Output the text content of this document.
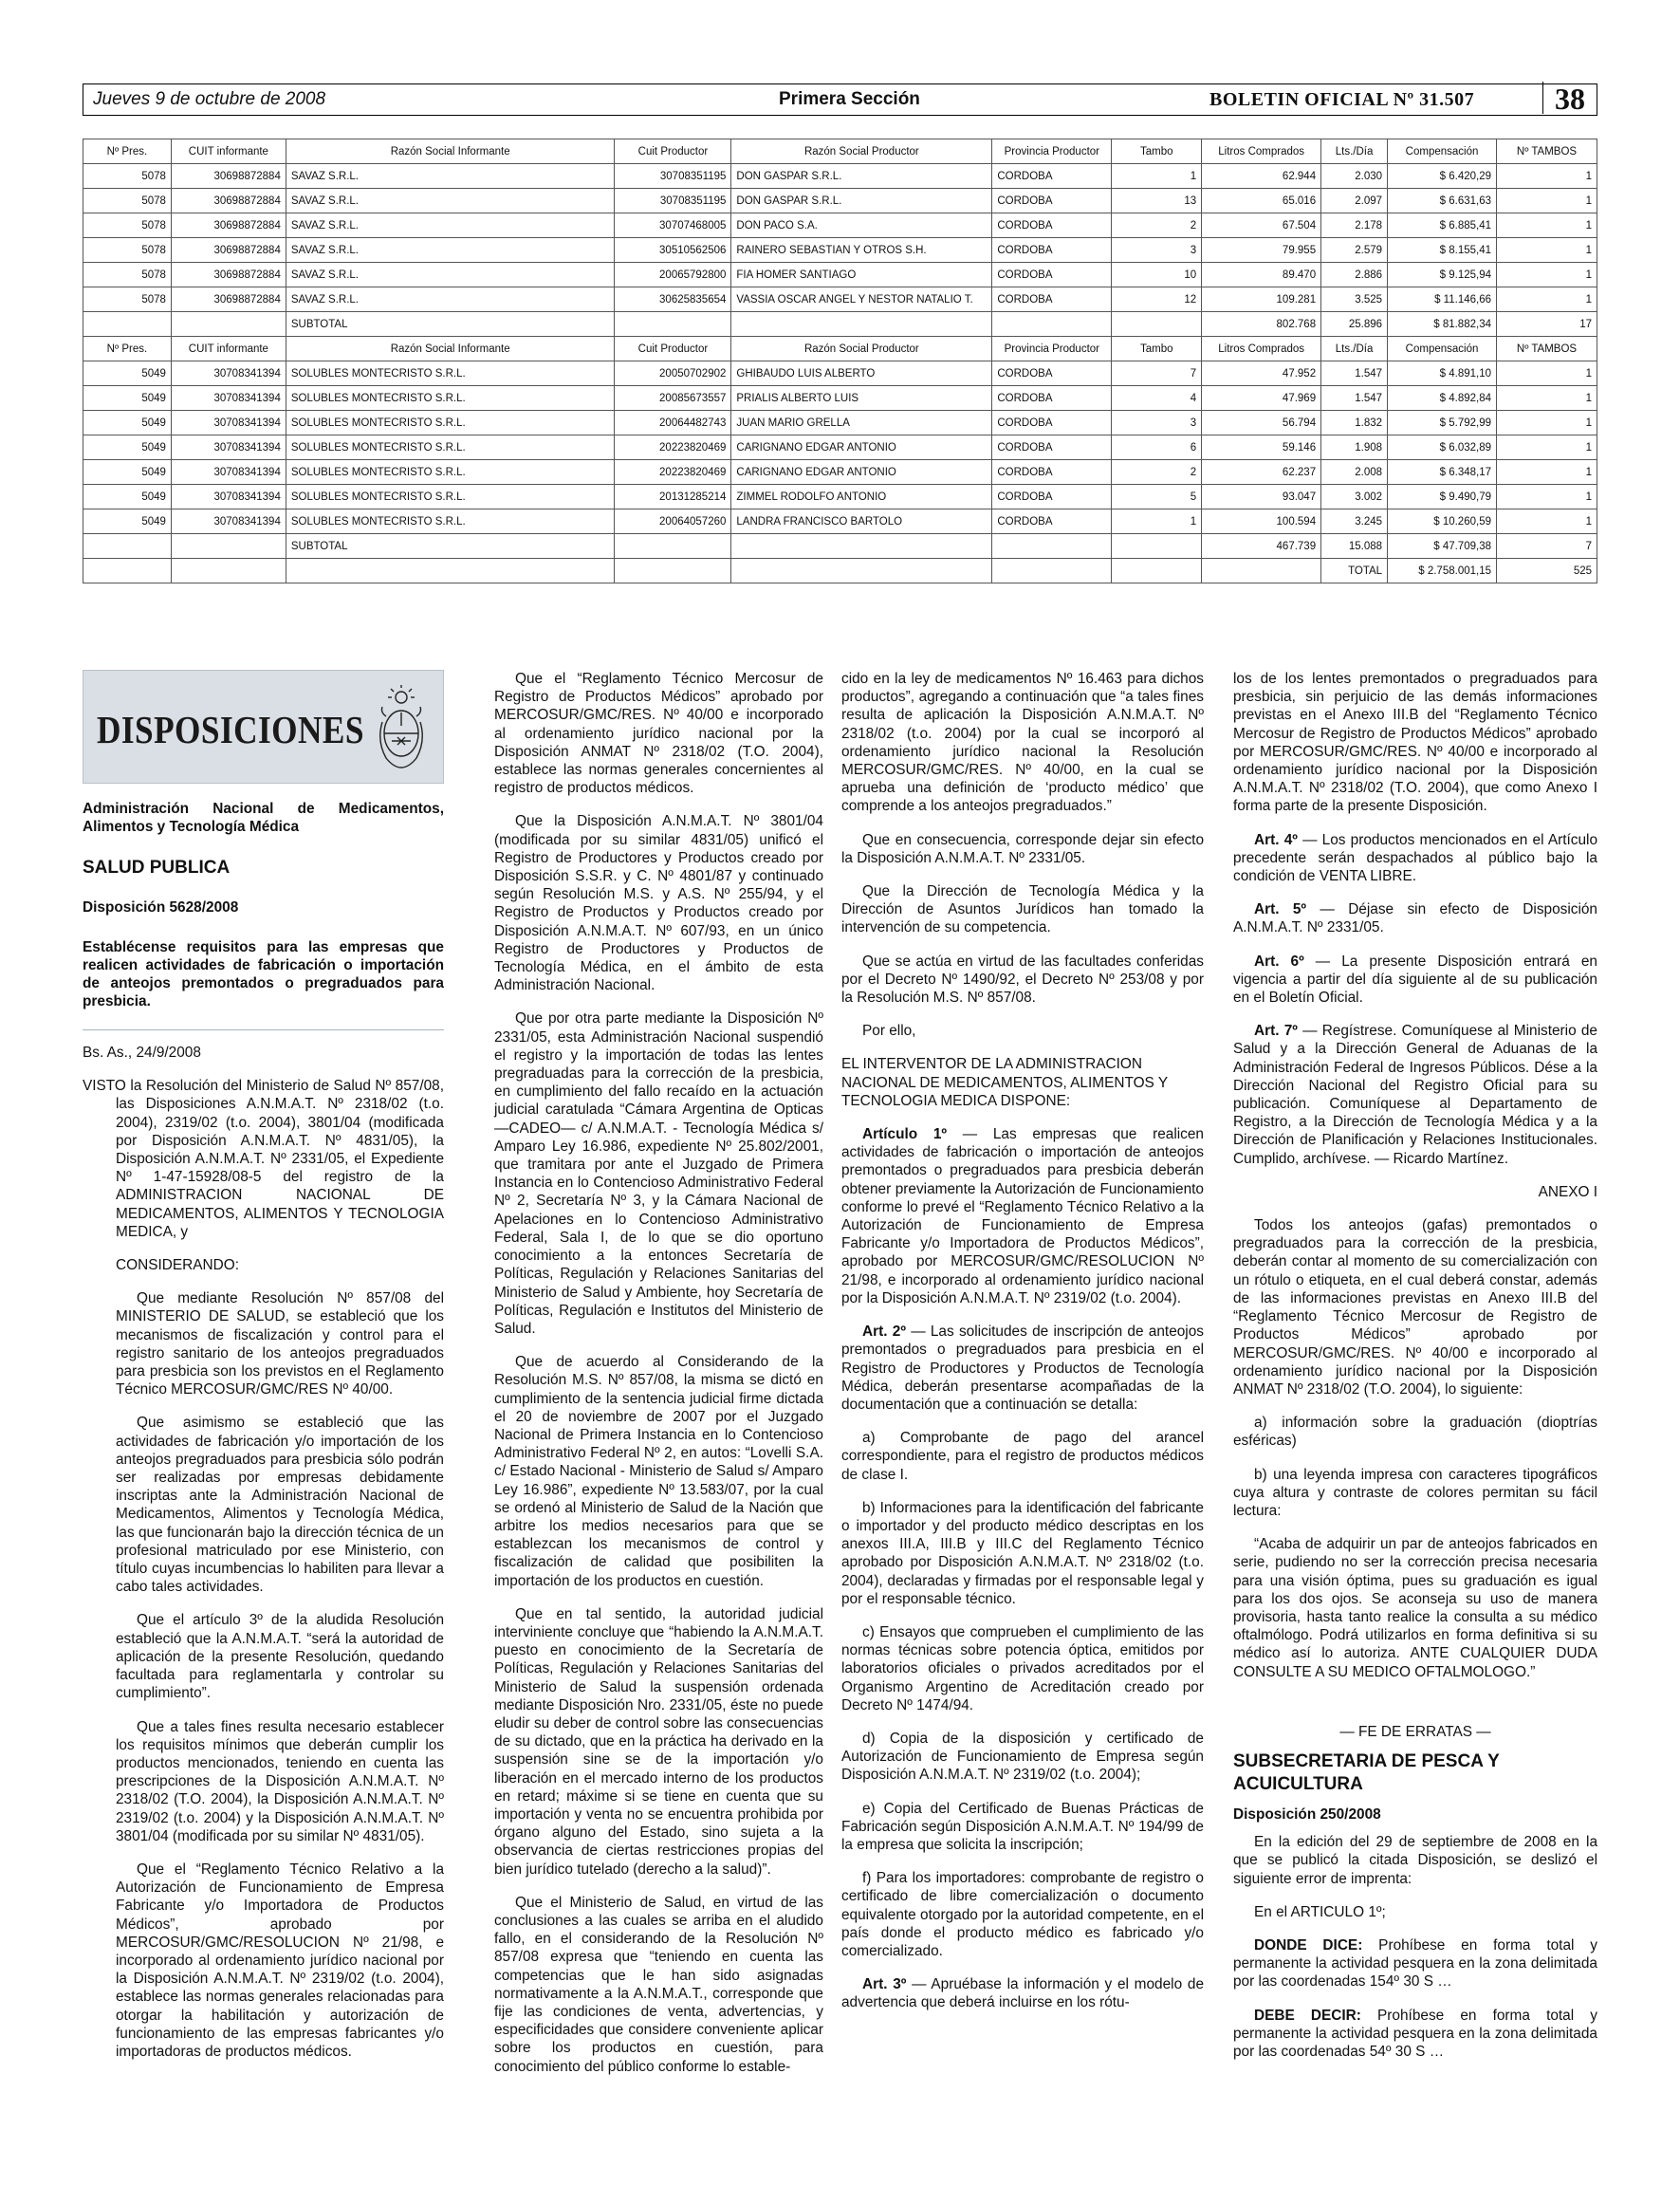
Jueves 9 de octubre de 2008	Primera Sección	BOLETIN OFICIAL Nº 31.507	38
Nº Pres.	CUIT informante	Razón Social Informante	Cuit Productor	Razón Social Productor	Provincia Productor	Tambo	Litros Comprados	Lts./Día	Compensación	Nº TAMBOS
5078	30698872884	SAVAZ S.R.L.	30708351195	DON GASPAR S.R.L.	CORDOBA	1	62.944	2.030	$ 6.420,29	1
5078	30698872884	SAVAZ S.R.L.	30708351195	DON GASPAR S.R.L.	CORDOBA	13	65.016	2.097	$ 6.631,63	1
5078	30698872884	SAVAZ S.R.L.	30707468005	DON PACO S.A.	CORDOBA	2	67.504	2.178	$ 6.885,41	1
5078	30698872884	SAVAZ S.R.L.	30510562506	RAINERO SEBASTIAN Y OTROS S.H.	CORDOBA	3	79.955	2.579	$ 8.155,41	1
5078	30698872884	SAVAZ S.R.L.	20065792800	FIA HOMER SANTIAGO	CORDOBA	10	89.470	2.886	$ 9.125,94	1
5078	30698872884	SAVAZ S.R.L.	30625835654	VASSIA OSCAR ANGEL Y NESTOR NATALIO T.	CORDOBA	12	109.281	3.525	$ 11.146,66	1
		SUBTOTAL					802.768	25.896	$ 81.882,34	17
Nº Pres.	CUIT informante	Razón Social Informante	Cuit Productor	Razón Social Productor	Provincia Productor	Tambo	Litros Comprados	Lts./Día	Compensación	Nº TAMBOS
5049	30708341394	SOLUBLES MONTECRISTO S.R.L.	20050702902	GHIBAUDO LUIS ALBERTO	CORDOBA	7	47.952	1.547	$ 4.891,10	1
5049	30708341394	SOLUBLES MONTECRISTO S.R.L.	20085673557	PRIALIS ALBERTO LUIS	CORDOBA	4	47.969	1.547	$ 4.892,84	1
5049	30708341394	SOLUBLES MONTECRISTO S.R.L.	20064482743	JUAN MARIO GRELLA	CORDOBA	3	56.794	1.832	$ 5.792,99	1
5049	30708341394	SOLUBLES MONTECRISTO S.R.L.	20223820469	CARIGNANO EDGAR ANTONIO	CORDOBA	6	59.146	1.908	$ 6.032,89	1
5049	30708341394	SOLUBLES MONTECRISTO S.R.L.	20223820469	CARIGNANO EDGAR ANTONIO	CORDOBA	2	62.237	2.008	$ 6.348,17	1
5049	30708341394	SOLUBLES MONTECRISTO S.R.L.	20131285214	ZIMMEL RODOLFO ANTONIO	CORDOBA	5	93.047	3.002	$ 9.490,79	1
5049	30708341394	SOLUBLES MONTECRISTO S.R.L.	20064057260	LANDRA FRANCISCO BARTOLO	CORDOBA	1	100.594	3.245	$ 10.260,59	1
		SUBTOTAL					467.739	15.088	$ 47.709,38	7
								TOTAL	$ 2.758.001,15	525
DISPOSICIONES

Administración Nacional de Medicamentos, Alimentos y Tecnología Médica

SALUD PUBLICA

Disposición 5628/2008

Establécense requisitos para las empresas que realicen actividades de fabricación o importación de anteojos premontados o pregraduados para presbicia.

Bs. As., 24/9/2008

VISTO la Resolución del Ministerio de Salud Nº 857/08, las Disposiciones A.N.M.A.T. Nº 2318/02 (t.o. 2004), 2319/02 (t.o. 2004), 3801/04 (modificada por Disposición A.N.M.A.T. Nº 4831/05), la Disposición A.N.M.A.T. Nº 2331/05, el Expediente Nº 1-47-15928/08-5 del registro de la ADMINISTRACION NACIONAL DE MEDICAMENTOS, ALIMENTOS Y TECNOLOGIA MEDICA, y

CONSIDERANDO:

Que mediante Resolución Nº 857/08 del MINISTERIO DE SALUD, se estableció que los mecanismos de fiscalización y control para el registro sanitario de los anteojos pregraduados para presbicia son los previstos en el Reglamento Técnico MERCOSUR/GMC/RES Nº 40/00.

Que asimismo se estableció que las actividades de fabricación y/o importación de los anteojos pregraduados para presbicia sólo podrán ser realizadas por empresas debidamente inscriptas ante la Administración Nacional de Medicamentos, Alimentos y Tecnología Médica, las que funcionarán bajo la dirección técnica de un profesional matriculado por ese Ministerio, con título cuyas incumbencias lo habiliten para llevar a cabo tales actividades.

Que el artículo 3º de la aludida Resolución estableció que la A.N.M.A.T. “será la autoridad de aplicación de la presente Resolución, quedando facultada para reglamentarla y controlar su cumplimiento”.

Que a tales fines resulta necesario establecer los requisitos mínimos que deberán cumplir los productos mencionados, teniendo en cuenta las prescripciones de la Disposición A.N.M.A.T. Nº 2318/02 (T.O. 2004), la Disposición A.N.M.A.T. Nº 2319/02 (t.o. 2004) y la Disposición A.N.M.A.T. Nº 3801/04 (modificada por su similar Nº 4831/05).

Que el “Reglamento Técnico Relativo a la Autorización de Funcionamiento de Empresa Fabricante y/o Importadora de Productos Médicos”, aprobado por MERCOSUR/GMC/RESOLUCION Nº 21/98, e incorporado al ordenamiento jurídico nacional por la Disposición A.N.M.A.T. Nº 2319/02 (t.o. 2004), establece las normas generales relacionadas para otorgar la habilitación y autorización de funcionamiento de las empresas fabricantes y/o importadoras de productos médicos.

Que el “Reglamento Técnico Mercosur de Registro de Productos Médicos” aprobado por MERCOSUR/GMC/RES. Nº 40/00 e incorporado al ordenamiento jurídico nacional por la Disposición ANMAT Nº 2318/02 (T.O. 2004), establece las normas generales concernientes al registro de productos médicos.

Que la Disposición A.N.M.A.T. Nº 3801/04 (modificada por su similar 4831/05) unificó el Registro de Productores y Productos creado por Disposición S.S.R. y C. Nº 4801/87 y continuado según Resolución M.S. y A.S. Nº 255/94, y el Registro de Productos y Productos creado por Disposición A.N.M.A.T. Nº 607/93, en un único Registro de Productores y Productos de Tecnología Médica, en el ámbito de esta Administración Nacional.

Que por otra parte mediante la Disposición Nº 2331/05, esta Administración Nacional suspendió el registro y la importación de todas las lentes pregraduadas para la corrección de la presbicia, en cumplimiento del fallo recaído en la actuación judicial caratulada “Cámara Argentina de Opticas —CADEO— c/ A.N.M.A.T. - Tecnología Médica s/ Amparo Ley 16.986, expediente Nº 25.802/2001, que tramitara por ante el Juzgado de Primera Instancia en lo Contencioso Administrativo Federal Nº 2, Secretaría Nº 3, y la Cámara Nacional de Apelaciones en lo Contencioso Administrativo Federal, Sala I, de lo que se dio oportuno conocimiento a la entonces Secretaría de Políticas, Regulación y Relaciones Sanitarias del Ministerio de Salud y Ambiente, hoy Secretaría de Políticas, Regulación e Institutos del Ministerio de Salud.

Que de acuerdo al Considerando de la Resolución M.S. Nº 857/08, la misma se dictó en cumplimiento de la sentencia judicial firme dictada el 20 de noviembre de 2007 por el Juzgado Nacional de Primera Instancia en lo Contencioso Administrativo Federal Nº 2, en autos: “Lovelli S.A. c/ Estado Nacional - Ministerio de Salud s/ Amparo Ley 16.986”, expediente Nº 13.583/07, por la cual se ordenó al Ministerio de Salud de la Nación que arbitre los medios necesarios para que se establezcan los mecanismos de control y fiscalización de calidad que posibiliten la importación de los productos en cuestión.

Que en tal sentido, la autoridad judicial interviniente concluye que “habiendo la A.N.M.A.T. puesto en conocimiento de la Secretaría de Políticas, Regulación y Relaciones Sanitarias del Ministerio de Salud la suspensión ordenada mediante Disposición Nro. 2331/05, éste no puede eludir su deber de control sobre las consecuencias de su dictado, que en la práctica ha derivado en la suspensión sine se de la importación y/o liberación en el mercado interno de los productos en retard; máxime si se tiene en cuenta que su importación y venta no se encuentra prohibida por órgano alguno del Estado, sino sujeta a la observancia de ciertas restricciones propias del bien jurídico tutelado (derecho a la salud)”.

Que el Ministerio de Salud, en virtud de las conclusiones a las cuales se arriba en el aludido fallo, en el considerando de la Resolución Nº 857/08 expresa que “teniendo en cuenta las competencias que le han sido asignadas normativamente a la A.N.M.A.T., corresponde que fije las condiciones de venta, advertencias, y especificidades que considere conveniente aplicar sobre los productos en cuestión, para conocimiento del público conforme lo estable-

cido en la ley de medicamentos Nº 16.463 para dichos productos”, agregando a continuación que “a tales fines resulta de aplicación la Disposición A.N.M.A.T. Nº 2318/02 (t.o. 2004) por la cual se incorporó al ordenamiento jurídico nacional la Resolución MERCOSUR/GMC/RES. Nº 40/00, en la cual se aprueba una definición de ‘producto médico’ que comprende a los anteojos pregraduados.”

Que en consecuencia, corresponde dejar sin efecto la Disposición A.N.M.A.T. Nº 2331/05.

Que la Dirección de Tecnología Médica y la Dirección de Asuntos Jurídicos han tomado la intervención de su competencia.

Que se actúa en virtud de las facultades conferidas por el Decreto Nº 1490/92, el Decreto Nº 253/08 y por la Resolución M.S. Nº 857/08.

Por ello,

EL INTERVENTOR DE LA ADMINISTRACION NACIONAL DE MEDICAMENTOS, ALIMENTOS Y TECNOLOGIA MEDICA DISPONE:

Artículo 1º — Las empresas que realicen actividades de fabricación o importación de anteojos premontados o pregraduados para presbicia deberán obtener previamente la Autorización de Funcionamiento conforme lo prevé el “Reglamento Técnico Relativo a la Autorización de Funcionamiento de Empresa Fabricante y/o Importadora de Productos Médicos”, aprobado por MERCOSUR/GMC/RESOLUCION Nº 21/98, e incorporado al ordenamiento jurídico nacional por la Disposición A.N.M.A.T. Nº 2319/02 (t.o. 2004).

Art. 2º — Las solicitudes de inscripción de anteojos premontados o pregraduados para presbicia en el Registro de Productores y Productos de Tecnología Médica, deberán presentarse acompañadas de la documentación que a continuación se detalla:

a) Comprobante de pago del arancel correspondiente, para el registro de productos médicos de clase I.

b) Informaciones para la identificación del fabricante o importador y del producto médico descriptas en los anexos III.A, III.B y III.C del Reglamento Técnico aprobado por Disposición A.N.M.A.T. Nº 2318/02 (t.o. 2004), declaradas y firmadas por el responsable legal y por el responsable técnico.

c) Ensayos que comprueben el cumplimiento de las normas técnicas sobre potencia óptica, emitidos por laboratorios oficiales o privados acreditados por el Organismo Argentino de Acreditación creado por Decreto Nº 1474/94.

d) Copia de la disposición y certificado de Autorización de Funcionamiento de Empresa según Disposición A.N.M.A.T. Nº 2319/02 (t.o. 2004);

e) Copia del Certificado de Buenas Prácticas de Fabricación según Disposición A.N.M.A.T. Nº 194/99 de la empresa que solicita la inscripción;

f) Para los importadores: comprobante de registro o certificado de libre comercialización o documento equivalente otorgado por la autoridad competente, en el país donde el producto médico es fabricado y/o comercializado.

Art. 3º — Apruébase la información y el modelo de advertencia que deberá incluirse en los rótu-

los de los lentes premontados o pregraduados para presbicia, sin perjuicio de las demás informaciones previstas en el Anexo III.B del “Reglamento Técnico Mercosur de Registro de Productos Médicos” aprobado por MERCOSUR/GMC/RES. Nº 40/00 e incorporado al ordenamiento jurídico nacional por la Disposición A.N.M.A.T. Nº 2318/02 (T.O. 2004), que como Anexo I forma parte de la presente Disposición.

Art. 4º — Los productos mencionados en el Artículo precedente serán despachados al público bajo la condición de VENTA LIBRE.

Art. 5º — Déjase sin efecto de Disposición A.N.M.A.T. Nº 2331/05.

Art. 6º — La presente Disposición entrará en vigencia a partir del día siguiente al de su publicación en el Boletín Oficial.

Art. 7º — Regístrese. Comuníquese al Ministerio de Salud y a la Dirección General de Aduanas de la Administración Federal de Ingresos Públicos. Dése a la Dirección Nacional del Registro Oficial para su publicación. Comuníquese al Departamento de Registro, a la Dirección de Tecnología Médica y a la Dirección de Planificación y Relaciones Institucionales. Cumplido, archívese. — Ricardo Martínez.

ANEXO I

Todos los anteojos (gafas) premontados o pregraduados para la corrección de la presbicia, deberán contar al momento de su comercialización con un rótulo o etiqueta, en el cual deberá constar, además de las informaciones previstas en Anexo III.B del “Reglamento Técnico Mercosur de Registro de Productos Médicos” aprobado por MERCOSUR/GMC/RES. Nº 40/00 e incorporado al ordenamiento jurídico nacional por la Disposición ANMAT Nº 2318/02 (T.O. 2004), lo siguiente:

a) información sobre la graduación (dioptrías esféricas)

b) una leyenda impresa con caracteres tipográficos cuya altura y contraste de colores permitan su fácil lectura:

“Acaba de adquirir un par de anteojos fabricados en serie, pudiendo no ser la corrección precisa necesaria para una visión óptima, pues su graduación es igual para los dos ojos. Se aconseja su uso de manera provisoria, hasta tanto realice la consulta a su médico oftalmólogo. Podrá utilizarlos en forma definitiva si su médico así lo autoriza. ANTE CUALQUIER DUDA CONSULTE A SU MEDICO OFTALMOLOGO.”

— FE DE ERRATAS —

SUBSECRETARIA DE PESCA Y ACUICULTURA

Disposición 250/2008

En la edición del 29 de septiembre de 2008 en la que se publicó la citada Disposición, se deslizó el siguiente error de imprenta:

En el ARTICULO 1º;

DONDE DICE: Prohíbese en forma total y permanente la actividad pesquera en la zona delimitada por las coordenadas 154º 30 S …

DEBE DECIR: Prohíbese en forma total y permanente la actividad pesquera en la zona delimitada por las coordenadas 54º 30 S …
